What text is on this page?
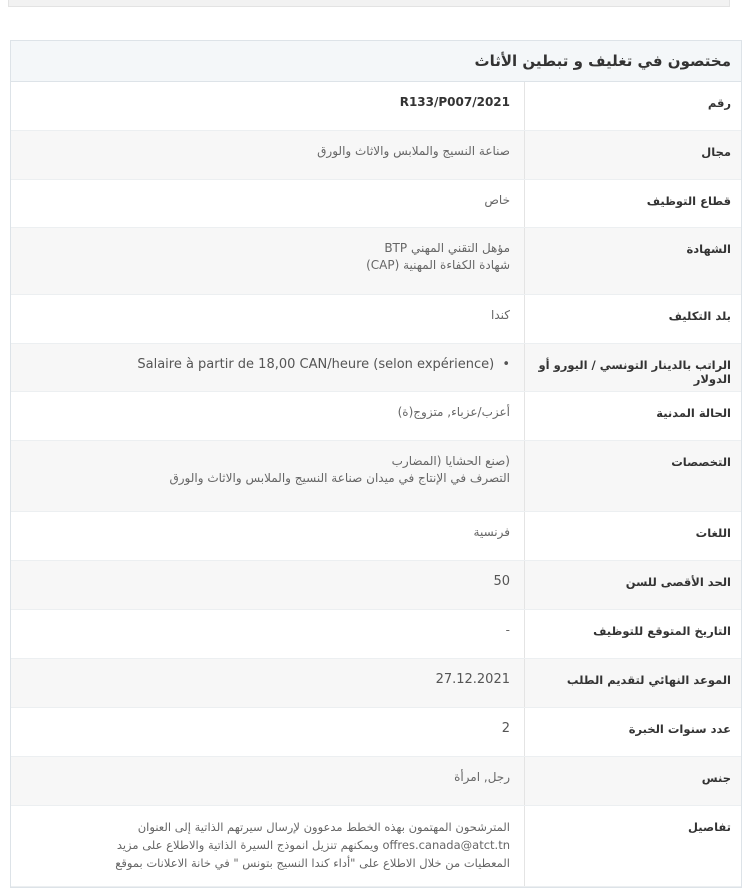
مختصون في تغليف و تبطين الأثاث
رقم
R133/P007/2021
مجال
صناعة النسيج والملابس والاثاث والورق
قطاع التوظيف
خاص
الشهادة
مؤهل التقني المهني BTP
شهادة الكفاءة المهنية (CAP)
بلد التكليف
كندا
الراتب بالدينار التونسي / اليورو أو الدولار
Salaire à partir de 18,00 CAN/heure (selon expérience) •
الحالة المدنية
أعزب/عزباء, متزوج(ة)
التخصصات
(صنع الحشايا (المضارب
التصرف في الإنتاج في ميدان صناعة النسيج والملابس والاثاث والورق
اللغات
فرنسية
الحد الأقصى للسن
50
التاريخ المتوقع للتوظيف
-
الموعد النهائي لتقديم الطلب
27.12.2021
عدد سنوات الخبرة
2
جنس
رجل, امرأة
تفاصيل
المترشحون المهتمون بهذه الخطط مدعوون لإرسال سيرتهم الذاتية إلى العنوان
offres.canada@atct.tn ويمكنهم تنزيل انموذج السيرة الذاتية والاطلاع على مزيد
المعطيات من خلال الاطلاع على "أداء كندا النسيج بتونس " في خانة الاعلانات بموقع
